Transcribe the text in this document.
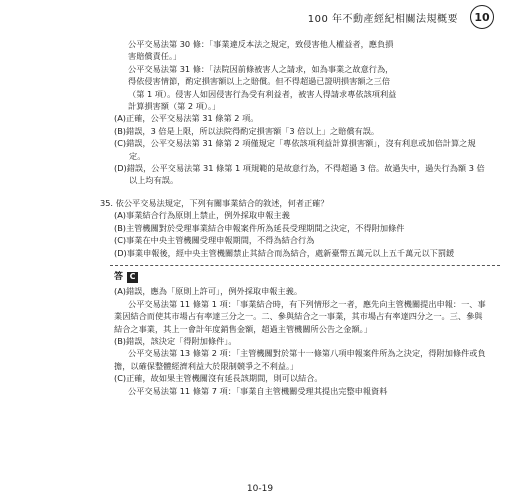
100 年不動產經紀相關法規概要	10

公平交易法第 30 條：「事業違反本法之規定，致侵害他人權益者，應負損

害賠償責任。」

公平交易法第 31 條：「法院因前條被害人之請求，如為事業之故意行為，

得依侵害情節，酌定損害額以上之賠償。但不得超過已證明損害額之三倍

（第 1 項）。侵害人如因侵害行為受有利益者，被害人得請求專依該項利益

計算損害額（第 2 項）。」

(A)正確，公平交易法第 31 條第 2 項。

(B)錯誤，3 倍是上限，所以法院得酌定損害額「3 倍以上」之賠償有誤。

(C)錯誤，公平交易法第 31 條第 2 項僅規定「專依該項利益計算損害額」，沒有利息或加倍計算之規定。

(D)錯誤，公平交易法第 31 條第 1 項規範的是故意行為，不得超過 3 倍。故過失中，過失行為額 3 倍以上均有誤。

35. 依公平交易法規定，下列有關事業結合的敘述，何者正確？

(A)事業結合行為原則上禁止，例外採取申報主義

(B)主管機關對於受理事業結合申報案件所為延長受理期間之決定，不得附加條件

(C)事業在中央主管機關受理申報期間，不得為結合行為

(D)事業申報後，經中央主管機關禁止其結合而為結合，處新臺幣五萬元以上五千萬元以下罰鍰

答 C

(A)錯誤，應為「原則上許可」，例外採取申報主義。

公平交易法第 11 條第 1 項：「事業結合時，有下列情形之一者，應先向主管機關提出申報：一、事業因結合而使其市場占有率達三分之一。二、參與結合之一事業，其市場占有率達四分之一。三、參與結合之事業，其上一會計年度銷售金額，超過主管機關所公告之金額。」

(B)錯誤，該決定「得附加條件」。

公平交易法第 13 條第 2 項：「主管機關對於第十一條第八項申報案件所為之決定，得附加條件或負擔，以確保整體經濟利益大於限制競爭之不利益。」

(C)正確，故如果主管機關沒有延長該期間，則可以結合。

公平交易法第 11 條第 7 項：「事業自主管機關受理其提出完整申報資料

10-19
